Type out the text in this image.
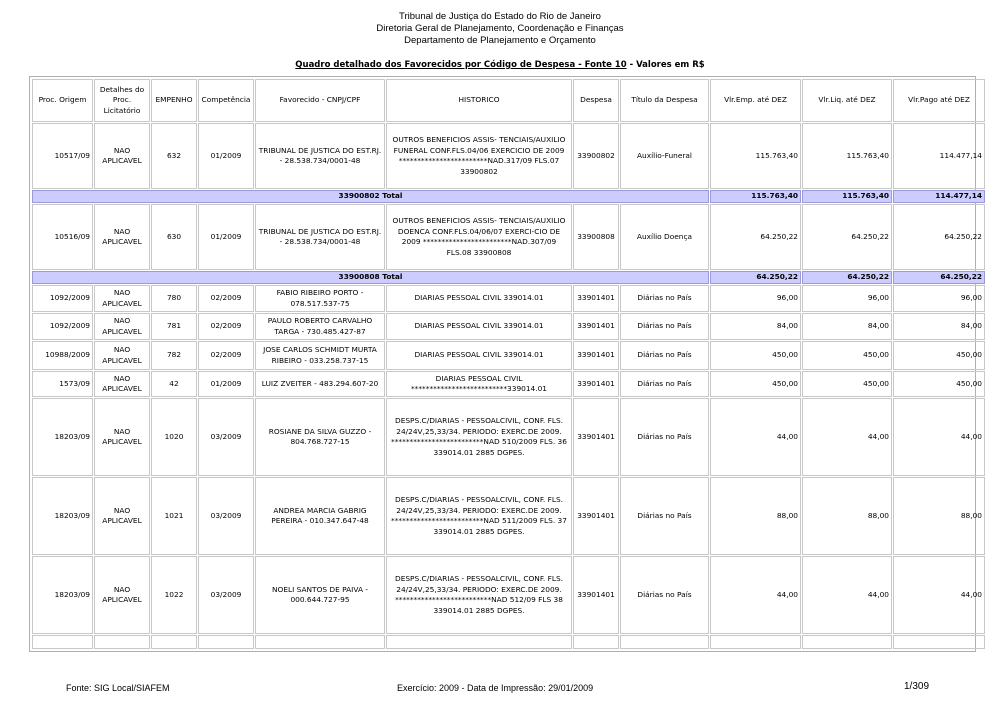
Tribunal de Justiça do Estado do Rio de Janeiro
Diretoria Geral de Planejamento, Coordenação e Finanças
Departamento de Planejamento e Orçamento
Quadro detalhado dos Favorecidos por Código de Despesa - Fonte 10 - Valores em R$
Proc. Origem	Detalhes do Proc. Licitatório	EMPENHO	Competência	Favorecido - CNPJ/CPF	HISTORICO	Despesa	Título da Despesa	Vlr.Emp. até DEZ	Vlr.Liq. até DEZ	Vlr.Pago até DEZ
10517/09	NAO APLICAVEL	632	01/2009	TRIBUNAL DE JUSTICA DO EST.RJ. - 28.538.734/0001-48	OUTROS BENEFICIOS ASSIS- TENCIAIS/AUXILIO FUNERAL CONF.FLS.04/06 EXERCICIO DE 2009 ************************NAD.317/09 FLS.07 33900802	33900802	Auxílio-Funeral	115.763,40	115.763,40	114.477,14
33900802 Total								115.763,40	115.763,40	114.477,14
10516/09	NAO APLICAVEL	630	01/2009	TRIBUNAL DE JUSTICA DO EST.RJ. - 28.538.734/0001-48	OUTROS BENEFICIOS ASSIS- TENCIAIS/AUXILIO DOENCA CONF.FLS.04/06/07 EXERCI-CIO DE 2009 ************************NAD.307/09 FLS.08 33900808	33900808	Auxílio Doença	64.250,22	64.250,22	64.250,22
33900808 Total								64.250,22	64.250,22	64.250,22
1092/2009	NAO APLICAVEL	780	02/2009	FABIO RIBEIRO PORTO - 078.517.537-75	DIARIAS PESSOAL CIVIL 339014.01	33901401	Diárias no País	96,00	96,00	96,00
1092/2009	NAO APLICAVEL	781	02/2009	PAULO ROBERTO CARVALHO TARGA - 730.485.427-87	DIARIAS PESSOAL CIVIL 339014.01	33901401	Diárias no País	84,00	84,00	84,00
10988/2009	NAO APLICAVEL	782	02/2009	JOSE CARLOS SCHMIDT MURTA RIBEIRO - 033.258.737-15	DIARIAS PESSOAL CIVIL 339014.01	33901401	Diárias no País	450,00	450,00	450,00
1573/09	NAO APLICAVEL	42	01/2009	LUIZ ZVEITER - 483.294.607-20	DIARIAS PESSOAL CIVIL **************************339014.01	33901401	Diárias no País	450,00	450,00	450,00
18203/09	NAO APLICAVEL	1020	03/2009	ROSIANE DA SILVA GUZZO - 804.768.727-15	DESPS.C/DIARIAS - PESSOALCIVIL, CONF. FLS. 24/24V,25,33/34. PERIODO: EXERC.DE 2009. *************************NAD 510/2009 FLS. 36 339014.01 2885 DGPES.	33901401	Diárias no País	44,00	44,00	44,00
18203/09	NAO APLICAVEL	1021	03/2009	ANDREA MARCIA GABRIG PEREIRA - 010.347.647-48	DESPS.C/DIARIAS - PESSOALCIVIL, CONF. FLS. 24/24V,25,33/34. PERIODO: EXERC.DE 2009. *************************NAD 511/2009 FLS. 37 339014.01 2885 DGPES.	33901401	Diárias no País	88,00	88,00	88,00
18203/09	NAO APLICAVEL	1022	03/2009	NOELI SANTOS DE PAIVA - 000.644.727-95	DESPS.C/DIARIAS - PESSOALCIVIL, CONF. FLS. 24/24V,25,33/34. PERIODO: EXERC.DE 2009. **************************NAD 512/09 FLS 38 339014.01 2885 DGPES.	33901401	Diárias no País	44,00	44,00	44,00

Fonte: SIG Local/SIAFEM	Exercício: 2009 - Data de Impressão: 29/01/2009	1/309
